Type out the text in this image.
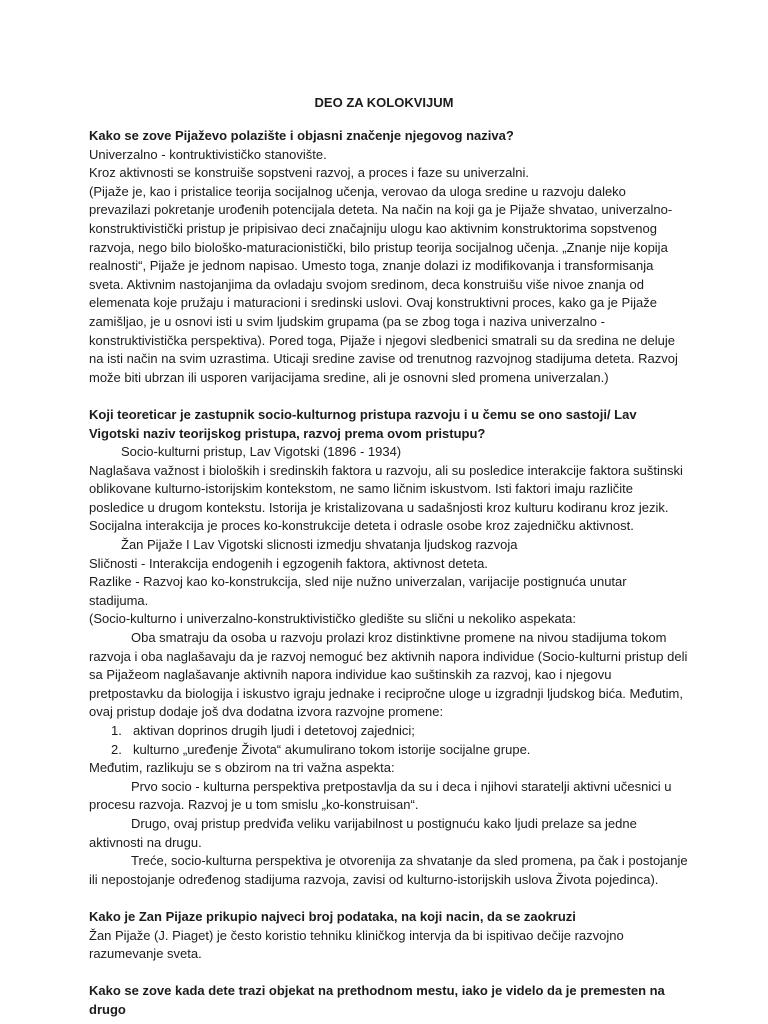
DEO ZA KOLOKVIJUM

Kako se zove Pijaževo polazište i objasni značenje njegovog naziva?

Univerzalno - kontruktivističko stanovište.

Kroz aktivnosti se konstruiše sopstveni razvoj, a proces i faze su univerzalni.

(Pijaže je, kao i pristalice teorija socijalnog učenja, verovao da uloga sredine u razvoju daleko prevazilazi pokretanje urođenih potencijala deteta. Na način na koji ga je Pijaže shvatao, univerzalno-konstruktivistički pristup je pripisivao deci značajniju ulogu kao aktivnim konstruktorima sopstvenog razvoja, nego bilo biološko-maturacionistički, bilo pristup teorija socijalnog učenja. „Znanje nije kopija realnosti“, Pijaže je jednom napisao. Umesto toga, znanje dolazi iz modifikovanja i transformisanja sveta. Aktivnim nastojanjima da ovladaju svojom sredinom, deca konstruišu više nivoe znanja od elemenata koje pružaju i maturacioni i sredinski uslovi. Ovaj konstruktivni proces, kako ga je Pijaže zamišljao, je u osnovi isti u svim ljudskim grupama (pa se zbog toga i naziva univerzalno -konstruktivistička perspektiva). Pored toga, Pijaže i njegovi sledbenici smatrali su da sredina ne deluje na isti način na svim uzrastima. Uticaji sredine zavise od trenutnog razvojnog stadijuma deteta. Razvoj može biti ubrzan ili usporen varijacijama sredine, ali je osnovni sled promena univerzalan.)

Koji teoreticar je zastupnik socio-kulturnog pristupa razvoju i u čemu se ono sastoji/ Lav Vigotski naziv teorijskog pristupa, razvoj prema ovom pristupu?

Socio-kulturni pristup, Lav Vigotski (1896 - 1934)

Naglašava važnost i bioloških i sredinskih faktora u razvoju, ali su posledice interakcije faktora suštinski oblikovane kulturno-istorijskim kontekstom, ne samo ličnim iskustvom. Isti faktori imaju različite posledice u drugom kontekstu. Istorija je kristalizovana u sadašnjosti kroz kulturu kodiranu kroz jezik.

Socijalna interakcija je proces ko-konstrukcije deteta i odrasle osobe kroz zajedničku aktivnost.

Žan Pijaže I Lav Vigotski slicnosti izmedju shvatanja ljudskog razvoja

Sličnosti - Interakcija endogenih i egzogenih faktora, aktivnost deteta.

Razlike - Razvoj kao ko-konstrukcija, sled nije nužno univerzalan, varijacije postignuća unutar stadijuma.

(Socio-kulturno i univerzalno-konstruktivističko gledište su slični u nekoliko aspekata:

Oba smatraju da osoba u razvoju prolazi kroz distinktivne promene na nivou stadijuma tokom razvoja i oba naglašavaju da je razvoj nemoguć bez aktivnih napora individue (Socio-kulturni pristup deli sa Pijažeom naglašavanje aktivnih napora individue kao suštinskih za razvoj, kao i njegovu pretpostavku da biologija i iskustvo igraju jednake i recipročne uloge u izgradnji ljudskog bića. Međutim, ovaj pristup dodaje još dva dodatna izvora razvojne promene:

1. aktivan doprinos drugih ljudi i detetovoj zajednici;
2. kulturno „uređenje Života“ akumulirano tokom istorije socijalne grupe.

Međutim, razlikuju se s obzirom na tri važna aspekta:

Prvo socio - kulturna perspektiva pretpostavlja da su i deca i njihovi staratelji aktivni učesnici u procesu razvoja. Razvoj je u tom smislu „ko-konstruisan“.

Drugo, ovaj pristup predviđa veliku varijabilnost u postignuću kako ljudi prelaze sa jedne aktivnosti na drugu.

Treće, socio-kulturna perspektiva je otvorenija za shvatanje da sled promena, pa čak i postojanje ili nepostojanje određenog stadijuma razvoja, zavisi od kulturno-istorijskih uslova Života pojedinca).

Kako je Zan Pijaze prikupio najveci broj podataka, na koji nacin, da se zaokruzi

Žan Pijaže (J. Piaget) je često koristio tehniku kliničkog intervja da bi ispitivao dečije razvojno razumevanje sveta.

Kako se zove kada dete trazi objekat na prethodnom mestu, iako je videlo da je premesten na drugo
